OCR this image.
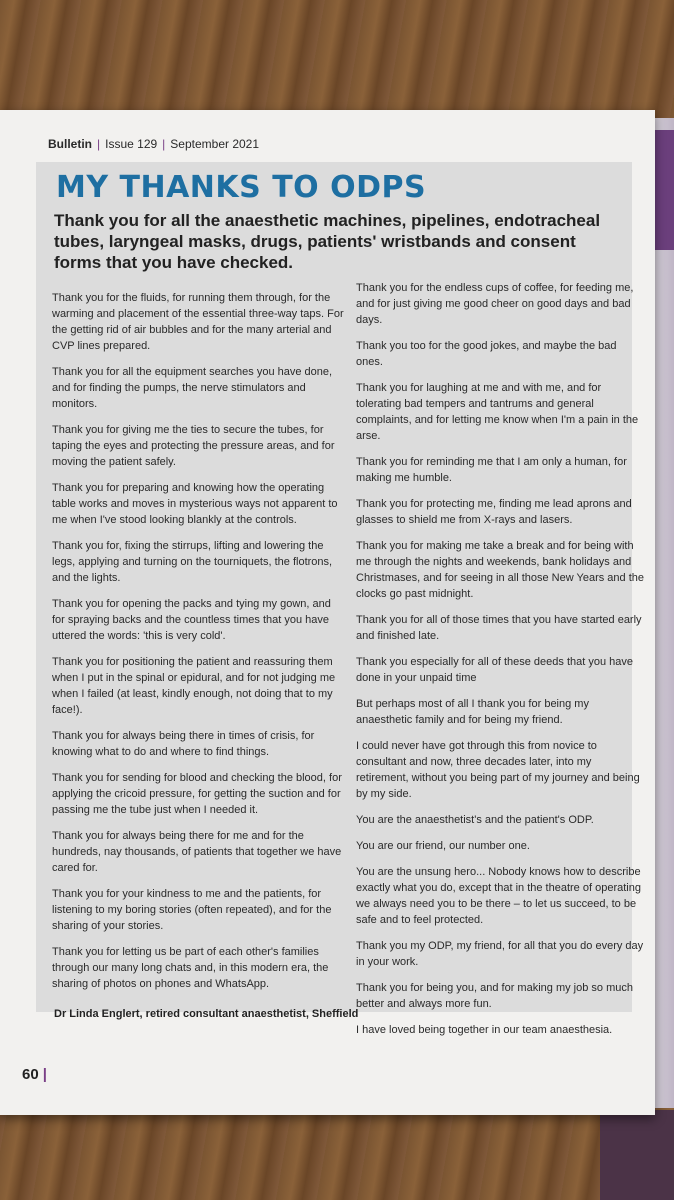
Bulletin | Issue 129 | September 2021
MY THANKS TO ODPS
Thank you for all the anaesthetic machines, pipelines, endotracheal tubes, laryngeal masks, drugs, patients' wristbands and consent forms that you have checked.

Thank you for the fluids, for running them through, for the warming and placement of the essential three-way taps. For the getting rid of air bubbles and for the many arterial and CVP lines prepared.

Thank you for all the equipment searches you have done, and for finding the pumps, the nerve stimulators and monitors.

Thank you for giving me the ties to secure the tubes, for taping the eyes and protecting the pressure areas, and for moving the patient safely.

Thank you for preparing and knowing how the operating table works and moves in mysterious ways not apparent to me when I've stood looking blankly at the controls.

Thank you for, fixing the stirrups, lifting and lowering the legs, applying and turning on the tourniquets, the flotrons, and the lights.

Thank you for opening the packs and tying my gown, and for spraying backs and the countless times that you have uttered the words: 'this is very cold'.

Thank you for positioning the patient and reassuring them when I put in the spinal or epidural, and for not judging me when I failed (at least, kindly enough, not doing that to my face!).

Thank you for always being there in times of crisis, for knowing what to do and where to find things.

Thank you for sending for blood and checking the blood, for applying the cricoid pressure, for getting the suction and for passing me the tube just when I needed it.

Thank you for always being there for me and for the hundreds, nay thousands, of patients that together we have cared for.

Thank you for your kindness to me and the patients, for listening to my boring stories (often repeated), and for the sharing of your stories.

Thank you for letting us be part of each other's families through our many long chats and, in this modern era, the sharing of photos on phones and WhatsApp.

Thank you for the endless cups of coffee, for feeding me, and for just giving me good cheer on good days and bad days.

Thank you too for the good jokes, and maybe the bad ones.

Thank you for laughing at me and with me, and for tolerating bad tempers and tantrums and general complaints, and for letting me know when I'm a pain in the arse.

Thank you for reminding me that I am only a human, for making me humble.

Thank you for protecting me, finding me lead aprons and glasses to shield me from X-rays and lasers.

Thank you for making me take a break and for being with me through the nights and weekends, bank holidays and Christmases, and for seeing in all those New Years and the clocks go past midnight.

Thank you for all of those times that you have started early and finished late.

Thank you especially for all of these deeds that you have done in your unpaid time

But perhaps most of all I thank you for being my anaesthetic family and for being my friend.

I could never have got through this from novice to consultant and now, three decades later, into my retirement, without you being part of my journey and being by my side.

You are the anaesthetist's and the patient's ODP.

You are our friend, our number one.

You are the unsung hero... Nobody knows how to describe exactly what you do, except that in the theatre of operating we always need you to be there – to let us succeed, to be safe and to feel protected.

Thank you my ODP, my friend, for all that you do every day in your work.

Thank you for being you, and for making my job so much better and always more fun.

I have loved being together in our team anaesthesia.

Dr Linda Englert, retired consultant anaesthetist, Sheffield
60 |
